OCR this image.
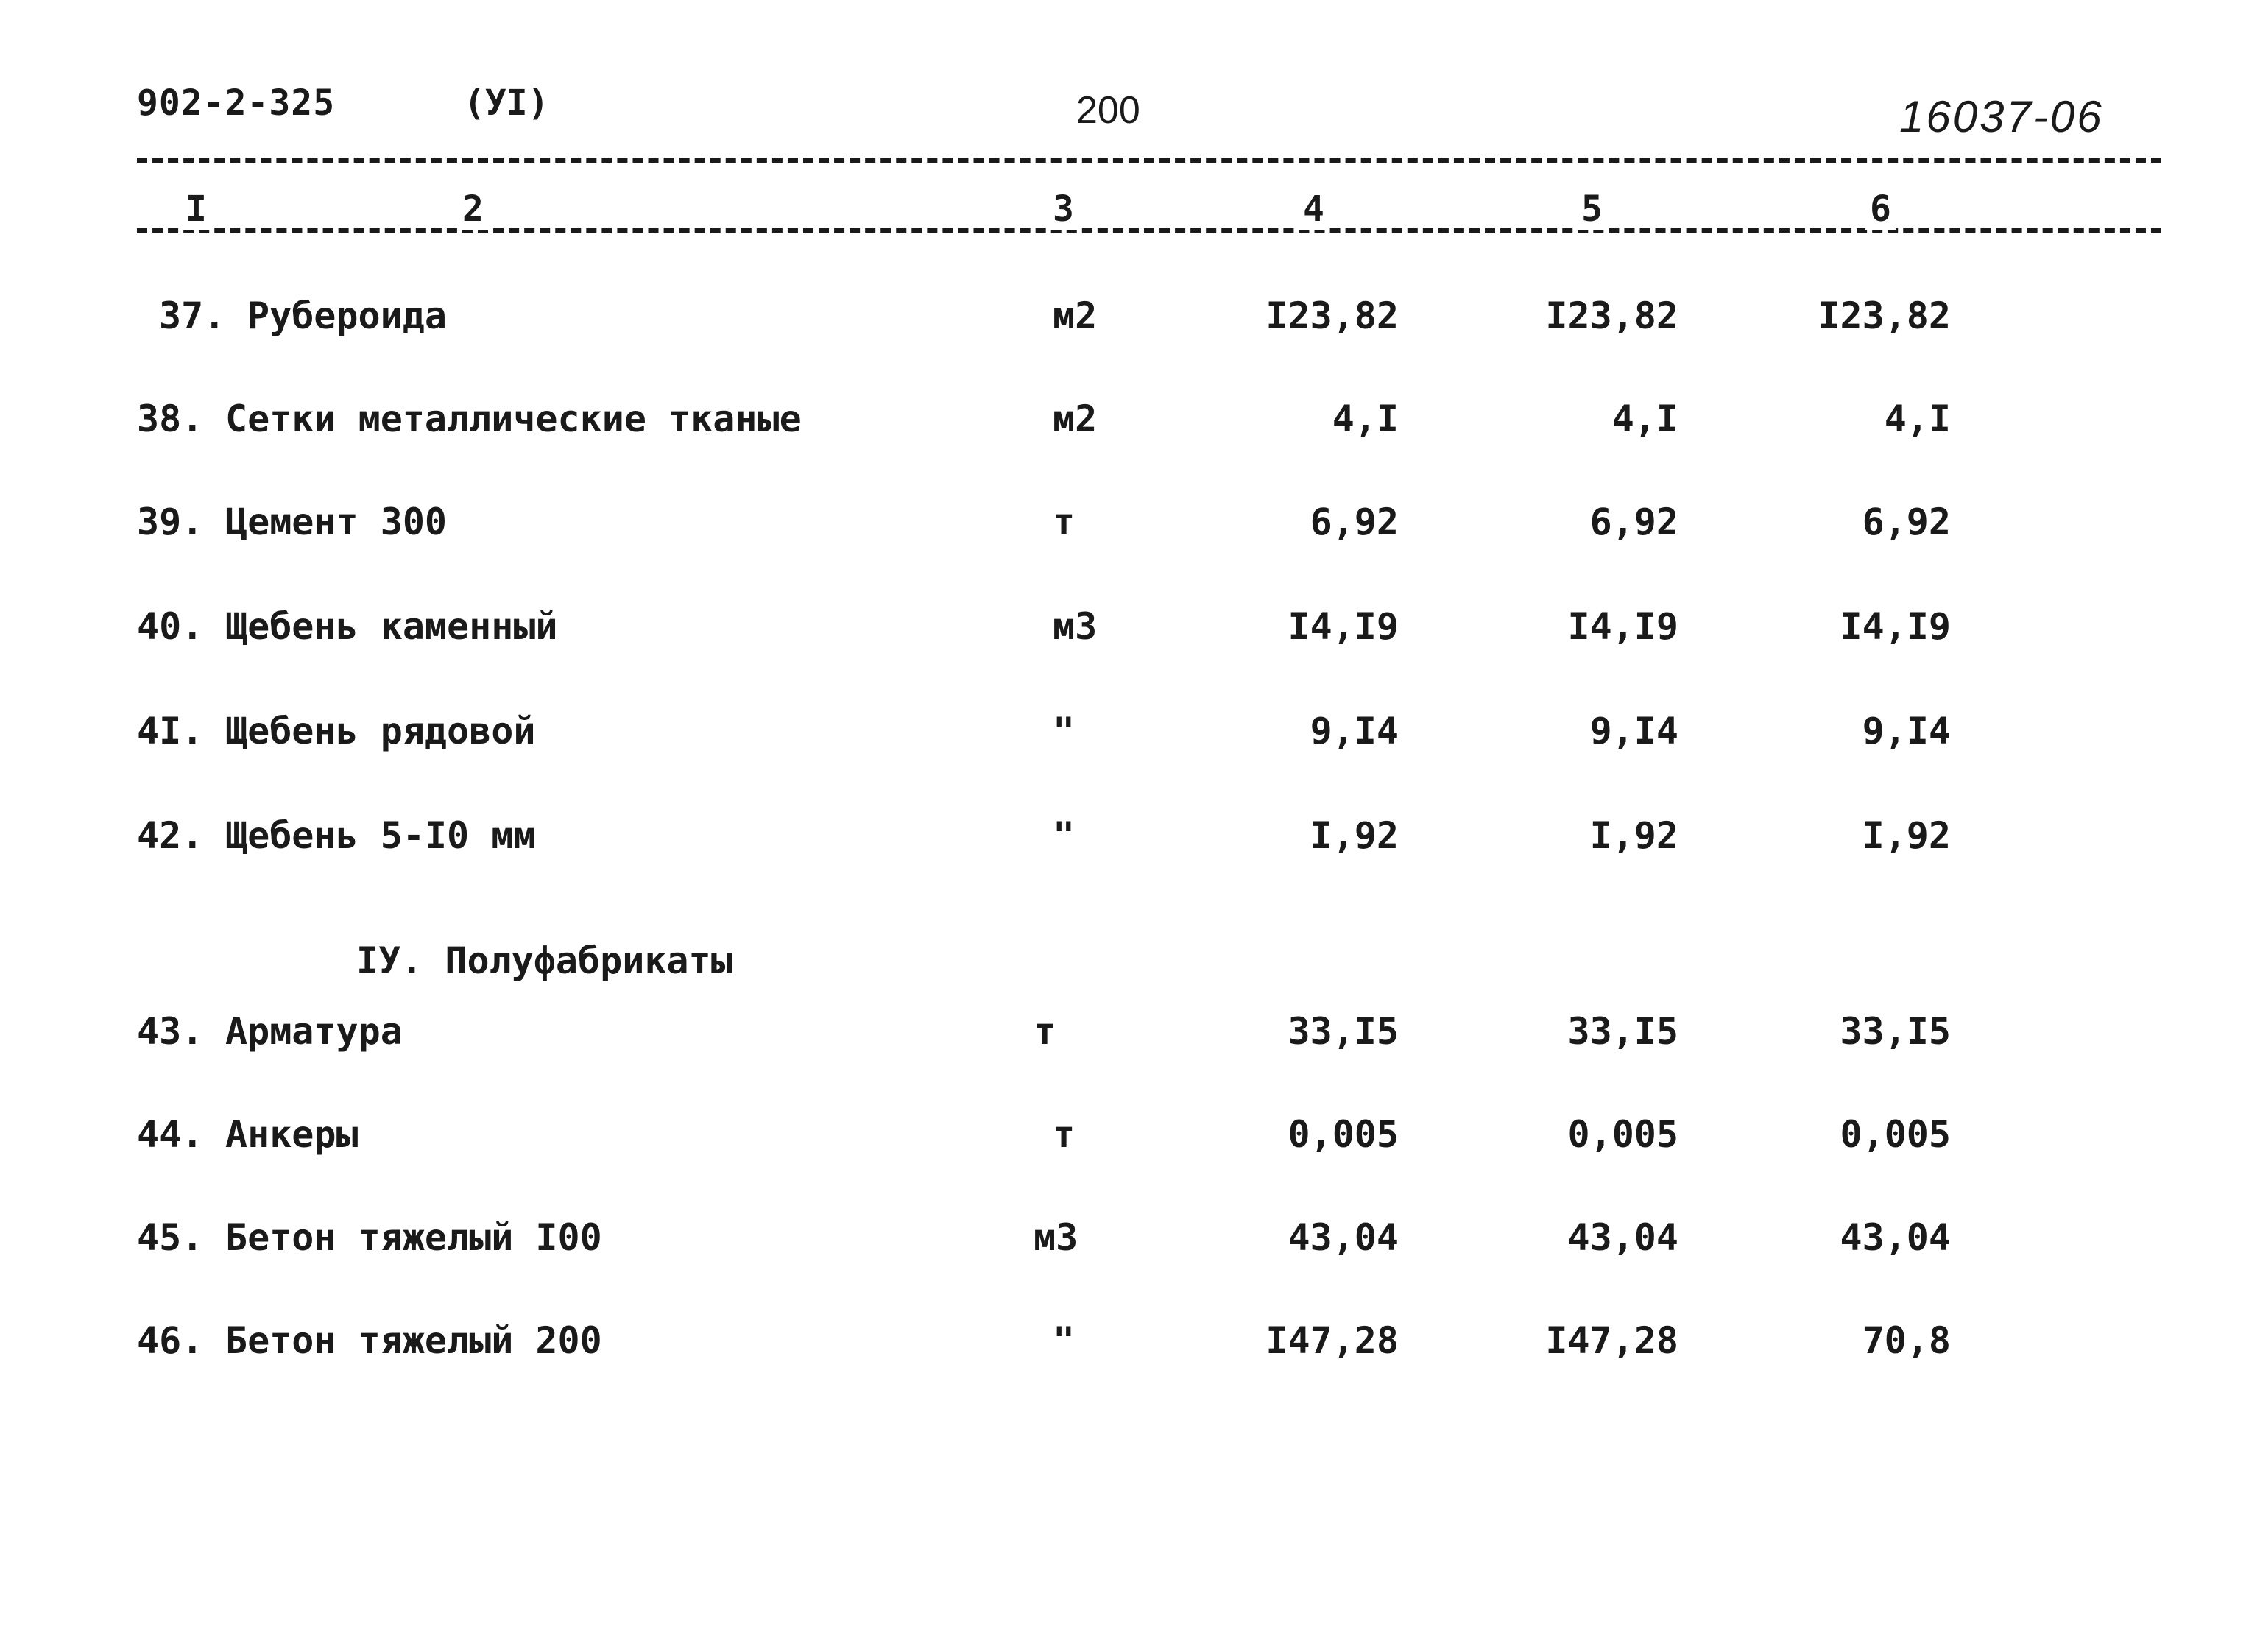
902-2-325	(УI)	200	16037-06
I	2	3	4	5	6
37. Рубероида	м2	I23,82	I23,82	I23,82
38. Сетки металлические тканые	м2	4,I	4,I	4,I
39. Цемент 300	т	6,92	6,92	6,92
40. Щебень каменный	м3	I4,I9	I4,I9	I4,I9
4I. Щебень рядовой	"	9,I4	9,I4	9,I4
42. Щебень 5-I0 мм	"	I,92	I,92	I,92
IУ. Полуфабрикаты
43. Арматура	т	33,I5	33,I5	33,I5
44. Анкеры	т	0,005	0,005	0,005
45. Бетон тяжелый I00	м3	43,04	43,04	43,04
46. Бетон тяжелый 200	"	I47,28	I47,28	70,8
